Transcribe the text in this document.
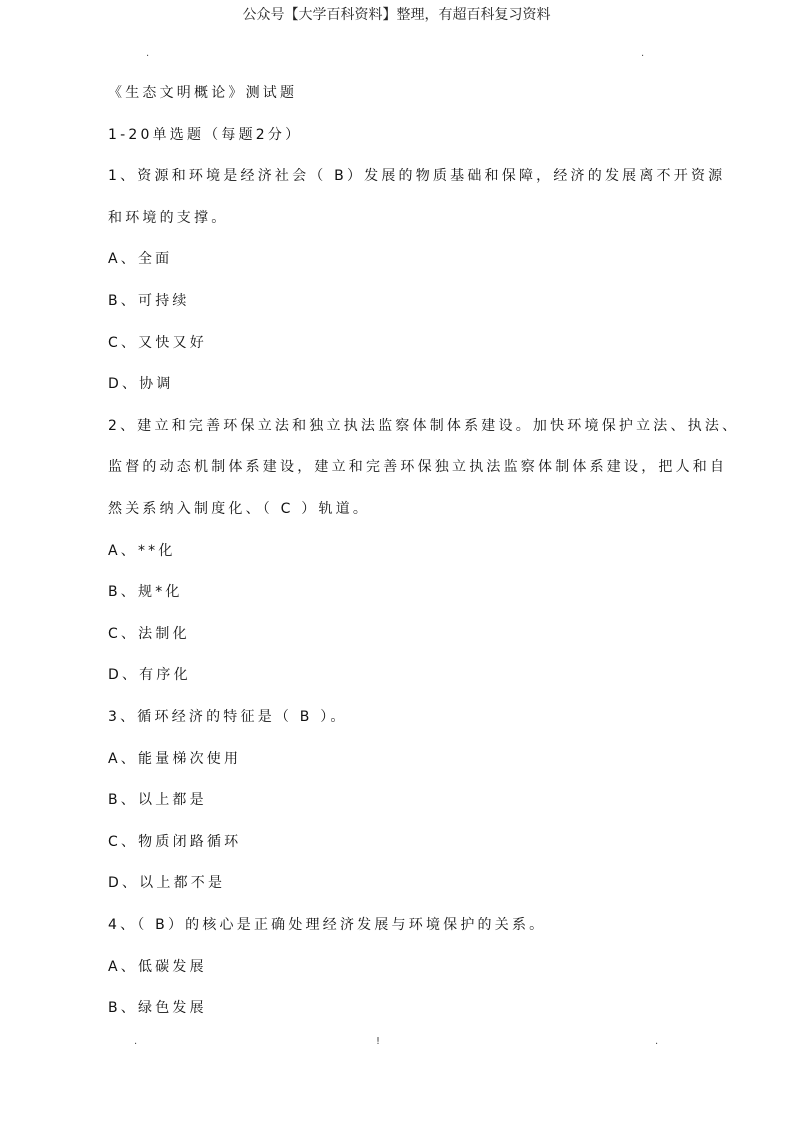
公众号【大学百科资料】整理，有超百科复习资料
.	.
《生态文明概论》测试题
1-20单选题（每题2分）
1、资源和环境是经济社会（ B）发展的物质基础和保障，经济的发展离不开资源
和环境的支撑。
A、全面
B、可持续
C、又快又好
D、协调
2、建立和完善环保立法和独立执法监察体制体系建设。加快环境保护立法、执法、
监督的动态机制体系建设，建立和完善环保独立执法监察体制体系建设，把人和自
然关系纳入制度化、（ C ）轨道。
A、**化
B、规*化
C、法制化
D、有序化
3、循环经济的特征是（ B ）。
A、能量梯次使用
B、以上都是
C、物质闭路循环
D、以上都不是
4、（ B）的核心是正确处理经济发展与环境保护的关系。
A、低碳发展
B、绿色发展
.	!	.
